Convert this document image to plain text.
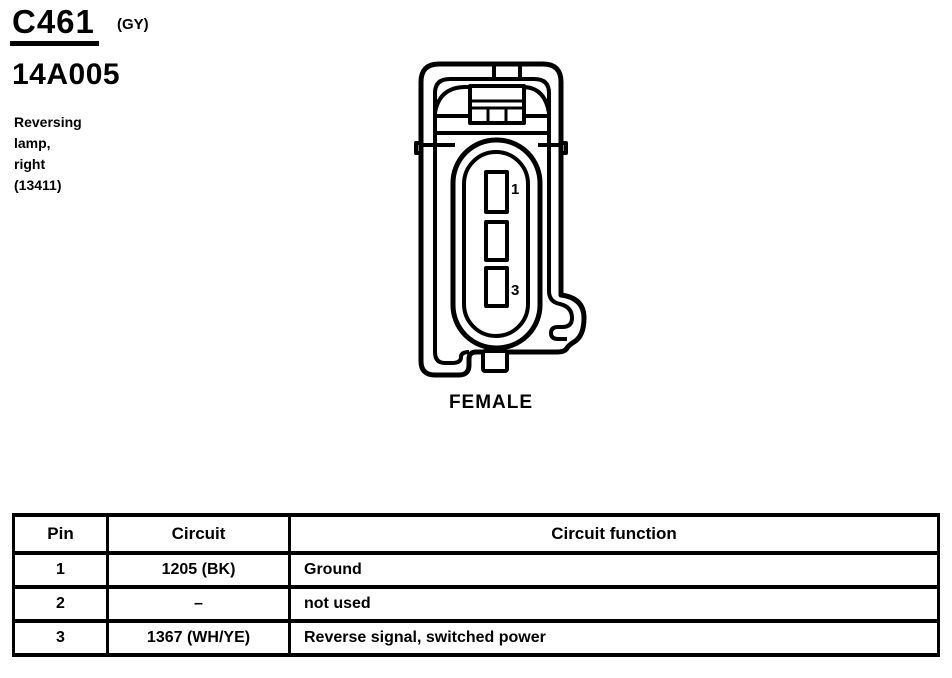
C461 (GY)
14A005
Reversing lamp,
right (13411)	1
3
FEMALE
Pin	Circuit	Circuit function
1	1205 (BK)	Ground
2	–	not used
3	1367 (WH/YE)	Reverse signal, switched power
